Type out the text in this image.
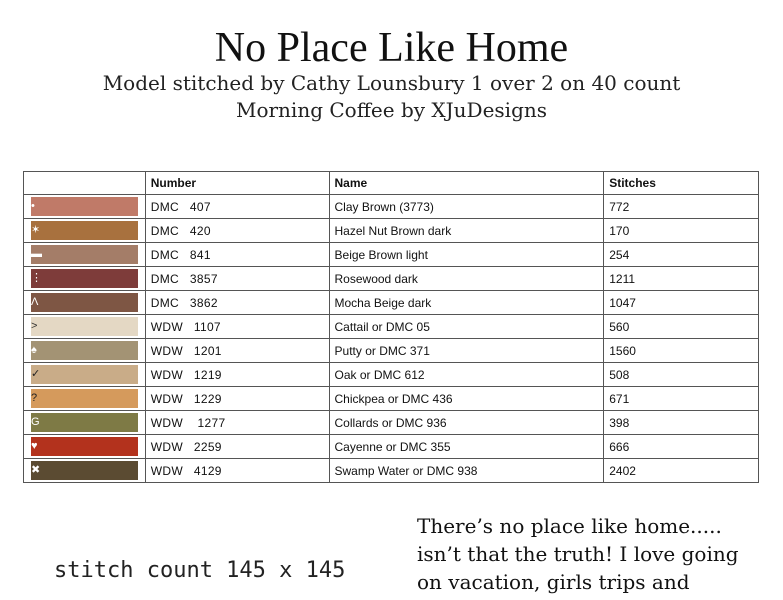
No Place Like Home
Model stitched by Cathy Lounsbury 1 over 2 on 40 count
Morning Coffee by XJuDesigns
	Number	Name	Stitches

•	DMC   407	Clay Brown (3773)	772

✶	DMC   420	Hazel Nut Brown dark	170

▬	DMC   841	Beige Brown light	254

⋮	DMC   3857	Rosewood dark	1211

Λ	DMC   3862	Mocha Beige dark	1047

>	WDW   1107	Cattail or DMC 05	560

♠	WDW   1201	Putty or DMC 371	1560

✓	WDW   1219	Oak or DMC 612	508

?	WDW   1229	Chickpea or DMC 436	671

G	WDW    1277	Collards or DMC 936	398

♥	WDW   2259	Cayenne or DMC 355	666

✖	WDW   4129	Swamp Water or DMC 938	2402
stitch count 145 x 145
There’s no place like home.....
isn’t that the truth! I love going
on vacation, girls trips and
